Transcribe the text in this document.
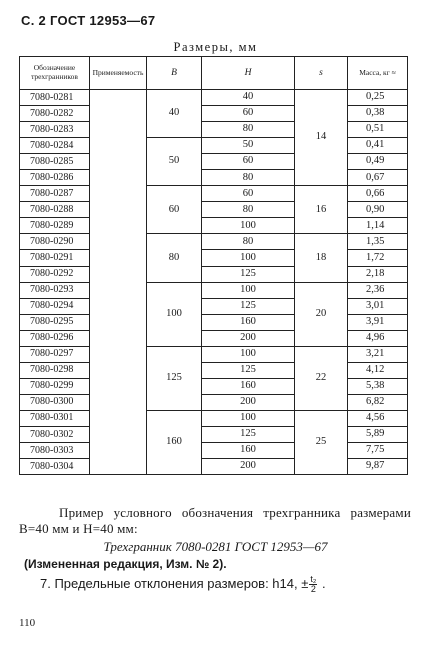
С. 2 ГОСТ 12953—67
Размеры, мм
Обозначение трехгранников	Применяемость	B	H	s	Масса, кг ≈
7080-0281		40	40	14	0,25
7080-0282			60		0,38
7080-0283			80		0,51
7080-0284		50	50		0,41
7080-0285			60		0,49
7080-0286			80		0,67
7080-0287		60	60	16	0,66
7080-0288			80		0,90
7080-0289			100		1,14
7080-0290		80	80	18	1,35
7080-0291			100		1,72
7080-0292			125		2,18
7080-0293		100	100	20	2,36
7080-0294			125		3,01
7080-0295			160		3,91
7080-0296			200		4,96
7080-0297		125	100	22	3,21
7080-0298			125		4,12
7080-0299			160		5,38
7080-0300			200		6,82
7080-0301		160	100	25	4,56
7080-0302			125		5,89
7080-0303			160		7,75
7080-0304			200		9,87
Пример условного обозначения трехгранника размерами B=40 мм и H=40 мм:
Трехгранник 7080-0281 ГОСТ 12953—67
(Измененная редакция, Изм. № 2).
7. Предельные отклонения размеров: h14, ± $\frac{\text{t₂}}{2}$ .
110
